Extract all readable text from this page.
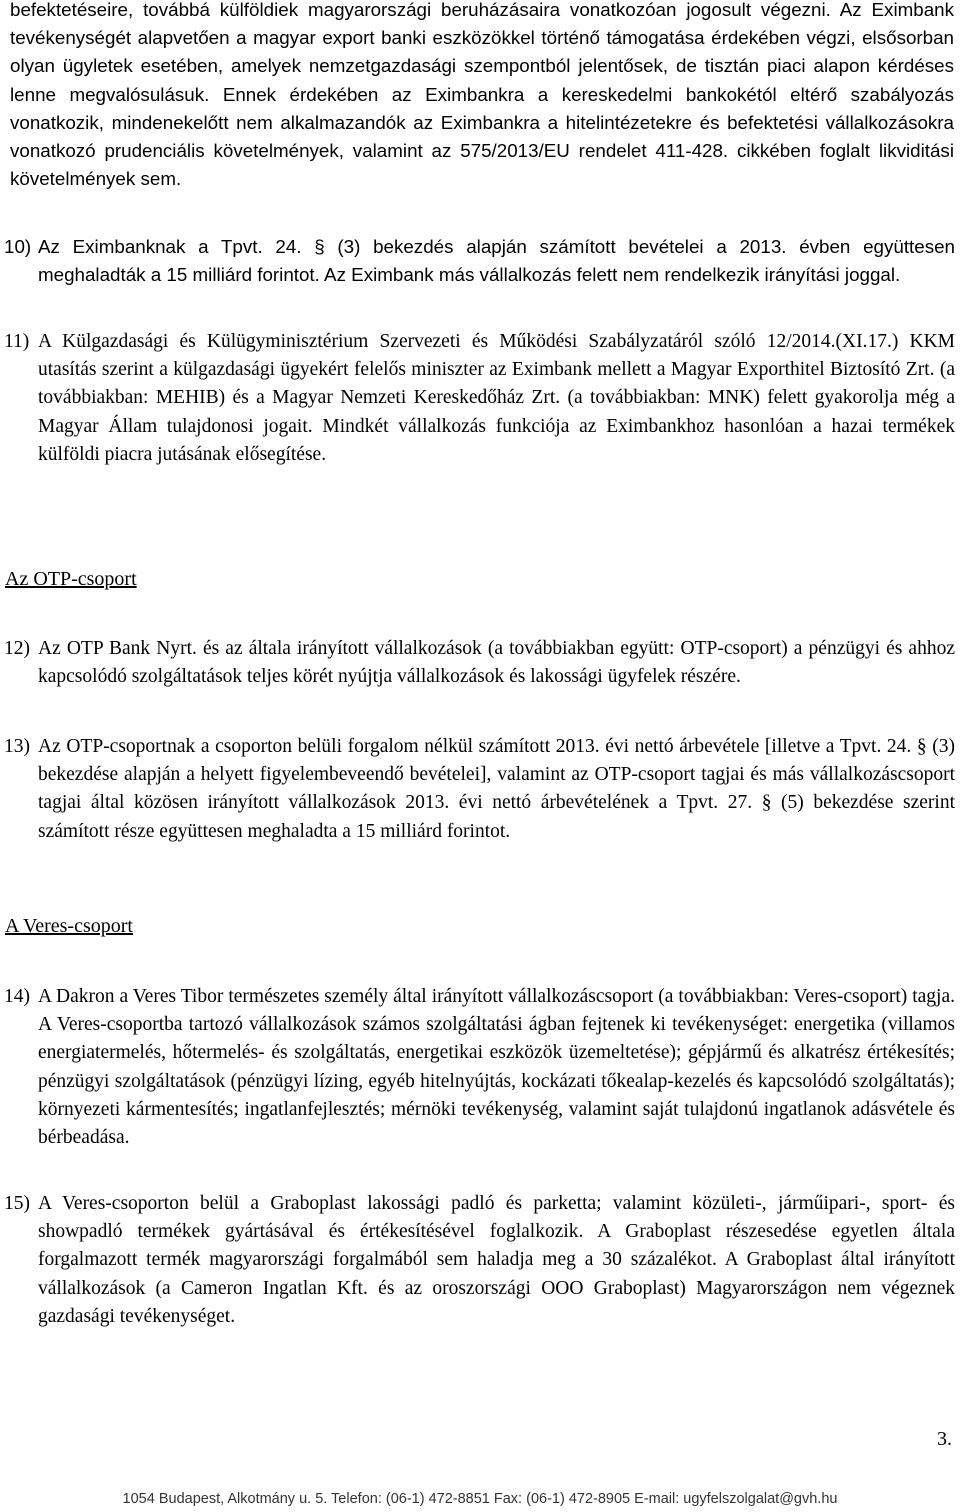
befektetéseire, továbbá külföldiek magyarországi beruházásaira vonatkozóan jogosult végezni. Az Eximbank tevékenységét alapvetően a magyar export banki eszközökkel történő támogatása érdekében végzi, elsősorban olyan ügyletek esetében, amelyek nemzetgazdasági szempontból jelentősek, de tisztán piaci alapon kérdéses lenne megvalósulásuk. Ennek érdekében az Eximbankra a kereskedelmi bankokétól eltérő szabályozás vonatkozik, mindenekelőtt nem alkalmazandók az Eximbankra a hitelintézetekre és befektetési vállalkozásokra vonatkozó prudenciális követelmények, valamint az 575/2013/EU rendelet 411-428. cikkében foglalt likviditási követelmények sem.
10) Az Eximbanknak a Tpvt. 24. § (3) bekezdés alapján számított bevételei a 2013. évben együttesen meghaladták a 15 milliárd forintot. Az Eximbank más vállalkozás felett nem rendelkezik irányítási joggal.
11) A Külgazdasági és Külügyminisztérium Szervezeti és Működési Szabályzatáról szóló 12/2014.(XI.17.) KKM utasítás szerint a külgazdasági ügyekért felelős miniszter az Eximbank mellett a Magyar Exporthitel Biztosító Zrt. (a továbbiakban: MEHIB) és a Magyar Nemzeti Kereskedőház Zrt. (a továbbiakban: MNK) felett gyakorolja még a Magyar Állam tulajdonosi jogait. Mindkét vállalkozás funkciója az Eximbankhoz hasonlóan a hazai termékek külföldi piacra jutásának elősegítése.
Az OTP-csoport
12) Az OTP Bank Nyrt. és az általa irányított vállalkozások (a továbbiakban együtt: OTP-csoport) a pénzügyi és ahhoz kapcsolódó szolgáltatások teljes körét nyújtja vállalkozások és lakossági ügyfelek részére.
13) Az OTP-csoportnak a csoporton belüli forgalom nélkül számított 2013. évi nettó árbevétele [illetve a Tpvt. 24. § (3) bekezdése alapján a helyett figyelembeveendő bevételei], valamint az OTP-csoport tagjai és más vállalkozáscsoport tagjai által közösen irányított vállalkozások 2013. évi nettó árbevételének a Tpvt. 27. § (5) bekezdése szerint számított része együttesen meghaladta a 15 milliárd forintot.
A Veres-csoport
14) A Dakron a Veres Tibor természetes személy által irányított vállalkozáscsoport (a továbbiakban: Veres-csoport) tagja. A Veres-csoportba tartozó vállalkozások számos szolgáltatási ágban fejtenek ki tevékenységet: energetika (villamos energiatermelés, hőtermelés- és szolgáltatás, energetikai eszközök üzemeltetése); gépjármű és alkatrész értékesítés; pénzügyi szolgáltatások (pénzügyi lízing, egyéb hitelnyújtás, kockázati tőkealap-kezelés és kapcsolódó szolgáltatás); környezeti kármentesítés; ingatlanfejlesztés; mérnöki tevékenység, valamint saját tulajdonú ingatlanok adásvétele és bérbeadása.
15) A Veres-csoporton belül a Graboplast lakossági padló és parketta; valamint közületi-, járműipari-, sport- és showpadló termékek gyártásával és értékesítésével foglalkozik. A Graboplast részesedése egyetlen általa forgalmazott termék magyarországi forgalmából sem haladja meg a 30 százalékot. A Graboplast által irányított vállalkozások (a Cameron Ingatlan Kft. és az oroszországi OOO Graboplast) Magyarországon nem végeznek gazdasági tevékenységet.
3.
1054 Budapest, Alkotmány u. 5. Telefon: (06-1) 472-8851 Fax: (06-1) 472-8905 E-mail: ugyfelszolgalat@gvh.hu
